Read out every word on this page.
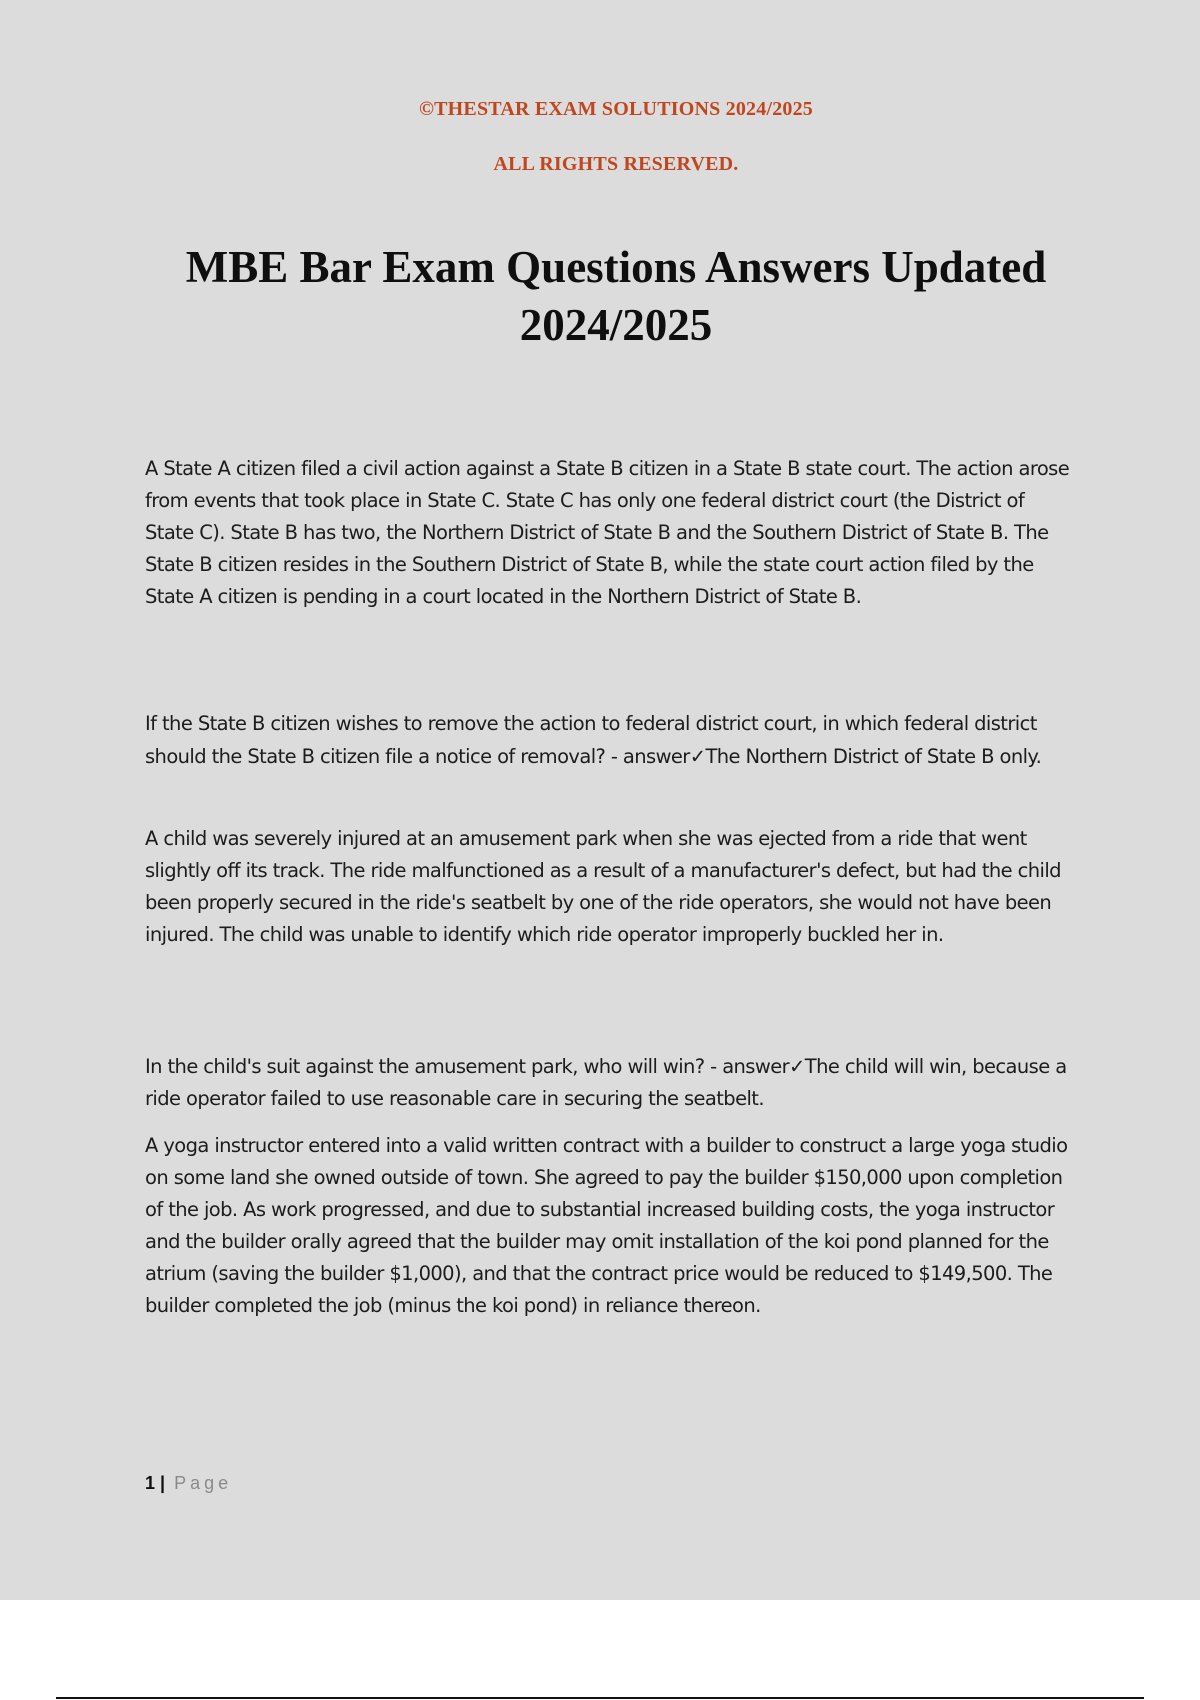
©THESTAR EXAM SOLUTIONS 2024/2025
ALL RIGHTS RESERVED.
MBE Bar Exam Questions Answers Updated 2024/2025

A State A citizen filed a civil action against a State B citizen in a State B state court. The action arose from events that took place in State C. State C has only one federal district court (the District of State C). State B has two, the Northern District of State B and the Southern District of State B. The State B citizen resides in the Southern District of State B, while the state court action filed by the State A citizen is pending in a court located in the Northern District of State B.

If the State B citizen wishes to remove the action to federal district court, in which federal district should the State B citizen file a notice of removal? - answer✓The Northern District of State B only.

A child was severely injured at an amusement park when she was ejected from a ride that went slightly off its track. The ride malfunctioned as a result of a manufacturer's defect, but had the child been properly secured in the ride's seatbelt by one of the ride operators, she would not have been injured. The child was unable to identify which ride operator improperly buckled her in.

In the child's suit against the amusement park, who will win? - answer✓The child will win, because a ride operator failed to use reasonable care in securing the seatbelt.

A yoga instructor entered into a valid written contract with a builder to construct a large yoga studio on some land she owned outside of town. She agreed to pay the builder $150,000 upon completion of the job. As work progressed, and due to substantial increased building costs, the yoga instructor and the builder orally agreed that the builder may omit installation of the koi pond planned for the atrium (saving the builder $1,000), and that the contract price would be reduced to $149,500. The builder completed the job (minus the koi pond) in reliance thereon.

1 | Page
